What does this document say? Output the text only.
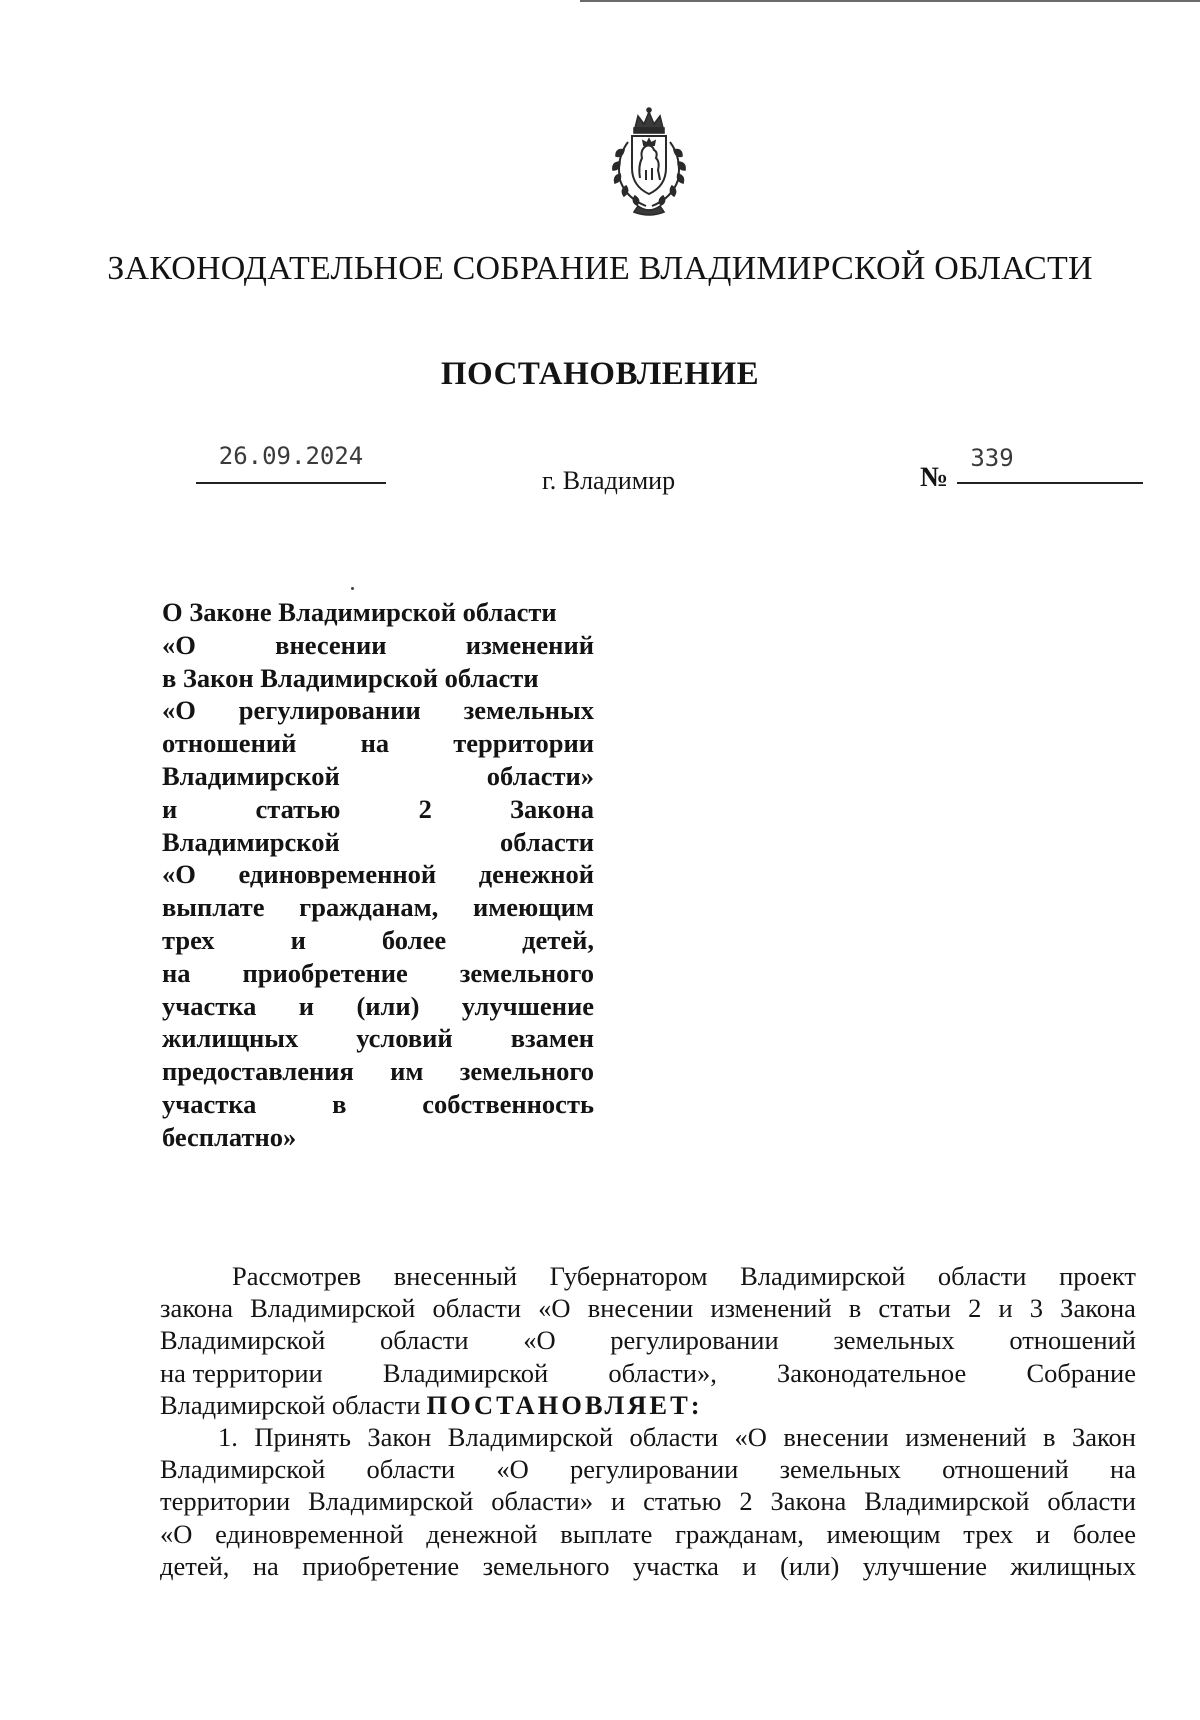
ЗАКОНОДАТЕЛЬНОЕ СОБРАНИЕ ВЛАДИМИРСКОЙ ОБЛАСТИ
ПОСТАНОВЛЕНИЕ
26.09.2024
г. Владимир
339
№
О Законе Владимирской области
«О	внесении	изменений
в Закон Владимирской области
«О регулировании земельных
отношений на территории
Владимирской	области»
и	статью	2	Закона
Владимирской	области
«О единовременной денежной
выплате гражданам, имеющим
трех	и	более	детей,
на приобретение земельного
участка и (или) улучшение
жилищных условий взамен
предоставления им земельного
участка	в	собственность
бесплатно»
Рассмотрев внесенный Губернатором Владимирской области проект
закона Владимирской области «О внесении изменений в статьи 2 и 3 Закона
Владимирской области «О регулировании земельных отношений
на территории Владимирской области», Законодательное Собрание
Владимирской области ПОСТАНОВЛЯЕТ:
1. Принять Закон Владимирской области «О внесении изменений в Закон
Владимирской области «О регулировании земельных отношений на
территории Владимирской области» и статью 2 Закона Владимирской области
«О единовременной денежной выплате гражданам, имеющим трех и более
детей, на приобретение земельного участка и (или) улучшение жилищных
